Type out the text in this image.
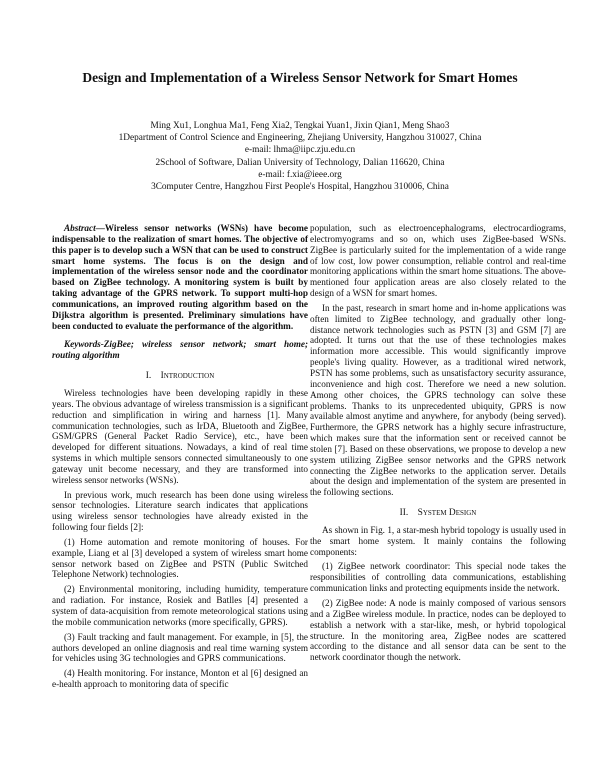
Design and Implementation of a Wireless Sensor Network for Smart Homes
Ming Xu1, Longhua Ma1, Feng Xia2, Tengkai Yuan1, Jixin Qian1, Meng Shao3
1Department of Control Science and Engineering, Zhejiang University, Hangzhou 310027, China
e-mail: lhma@iipc.zju.edu.cn
2School of Software, Dalian University of Technology, Dalian 116620, China
e-mail: f.xia@ieee.org
3Computer Centre, Hangzhou First People's Hospital, Hangzhou 310006, China

Abstract—Wireless sensor networks (WSNs) have become indispensable to the realization of smart homes. The objective of this paper is to develop such a WSN that can be used to construct smart home systems. The focus is on the design and implementation of the wireless sensor node and the coordinator based on ZigBee technology. A monitoring system is built by taking advantage of the GPRS network. To support multi-hop communications, an improved routing algorithm based on the Dijkstra algorithm is presented. Preliminary simulations have been conducted to evaluate the performance of the algorithm.

Keywords-ZigBee; wireless sensor network; smart home; routing algorithm

I. Introduction

Wireless technologies have been developing rapidly in these years. The obvious advantage of wireless transmission is a significant reduction and simplification in wiring and harness [1]. Many communication technologies, such as IrDA, Bluetooth and ZigBee, GSM/GPRS (General Packet Radio Service), etc., have been developed for different situations. Nowadays, a kind of real time systems in which multiple sensors connected simultaneously to one gateway unit become necessary, and they are transformed into wireless sensor networks (WSNs).

In previous work, much research has been done using wireless sensor technologies. Literature search indicates that applications using wireless sensor technologies have already existed in the following four fields [2]:

(1) Home automation and remote monitoring of houses. For example, Liang et al [3] developed a system of wireless smart home sensor network based on ZigBee and PSTN (Public Switched Telephone Network) technologies.

(2) Environmental monitoring, including humidity, temperature and radiation. For instance, Rosiek and Batlles [4] presented a system of data-acquisition from remote meteorological stations using the mobile communication networks (more specifically, GPRS).

(3) Fault tracking and fault management. For example, in [5], the authors developed an online diagnosis and real time warning system for vehicles using 3G technologies and GPRS communications.

(4) Health monitoring. For instance, Monton et al [6] designed an e-health approach to monitoring data of specific

population, such as electroencephalograms, electrocardiograms, electromyograms and so on, which uses ZigBee-based WSNs. ZigBee is particularly suited for the implementation of a wide range of low cost, low power consumption, reliable control and real-time monitoring applications within the smart home situations. The above-mentioned four application areas are also closely related to the design of a WSN for smart homes.

In the past, research in smart home and in-home applications was often limited to ZigBee technology, and gradually other long-distance network technologies such as PSTN [3] and GSM [7] are adopted. It turns out that the use of these technologies makes information more accessible. This would significantly improve people's living quality. However, as a traditional wired network, PSTN has some problems, such as unsatisfactory security assurance, inconvenience and high cost. Therefore we need a new solution. Among other choices, the GPRS technology can solve these problems. Thanks to its unprecedented ubiquity, GPRS is now available almost anytime and anywhere, for anybody (being served). Furthermore, the GPRS network has a highly secure infrastructure, which makes sure that the information sent or received cannot be stolen [7]. Based on these observations, we propose to develop a new system utilizing ZigBee sensor networks and the GPRS network connecting the ZigBee networks to the application server. Details about the design and implementation of the system are presented in the following sections.

II. System Design

As shown in Fig. 1, a star-mesh hybrid topology is usually used in the smart home system. It mainly contains the following components:

(1) ZigBee network coordinator: This special node takes the responsibilities of controlling data communications, establishing communication links and protecting equipments inside the network.

(2) ZigBee node: A node is mainly composed of various sensors and a ZigBee wireless module. In practice, nodes can be deployed to establish a network with a star-like, mesh, or hybrid topological structure. In the monitoring area, ZigBee nodes are scattered according to the distance and all sensor data can be sent to the network coordinator though the network.
